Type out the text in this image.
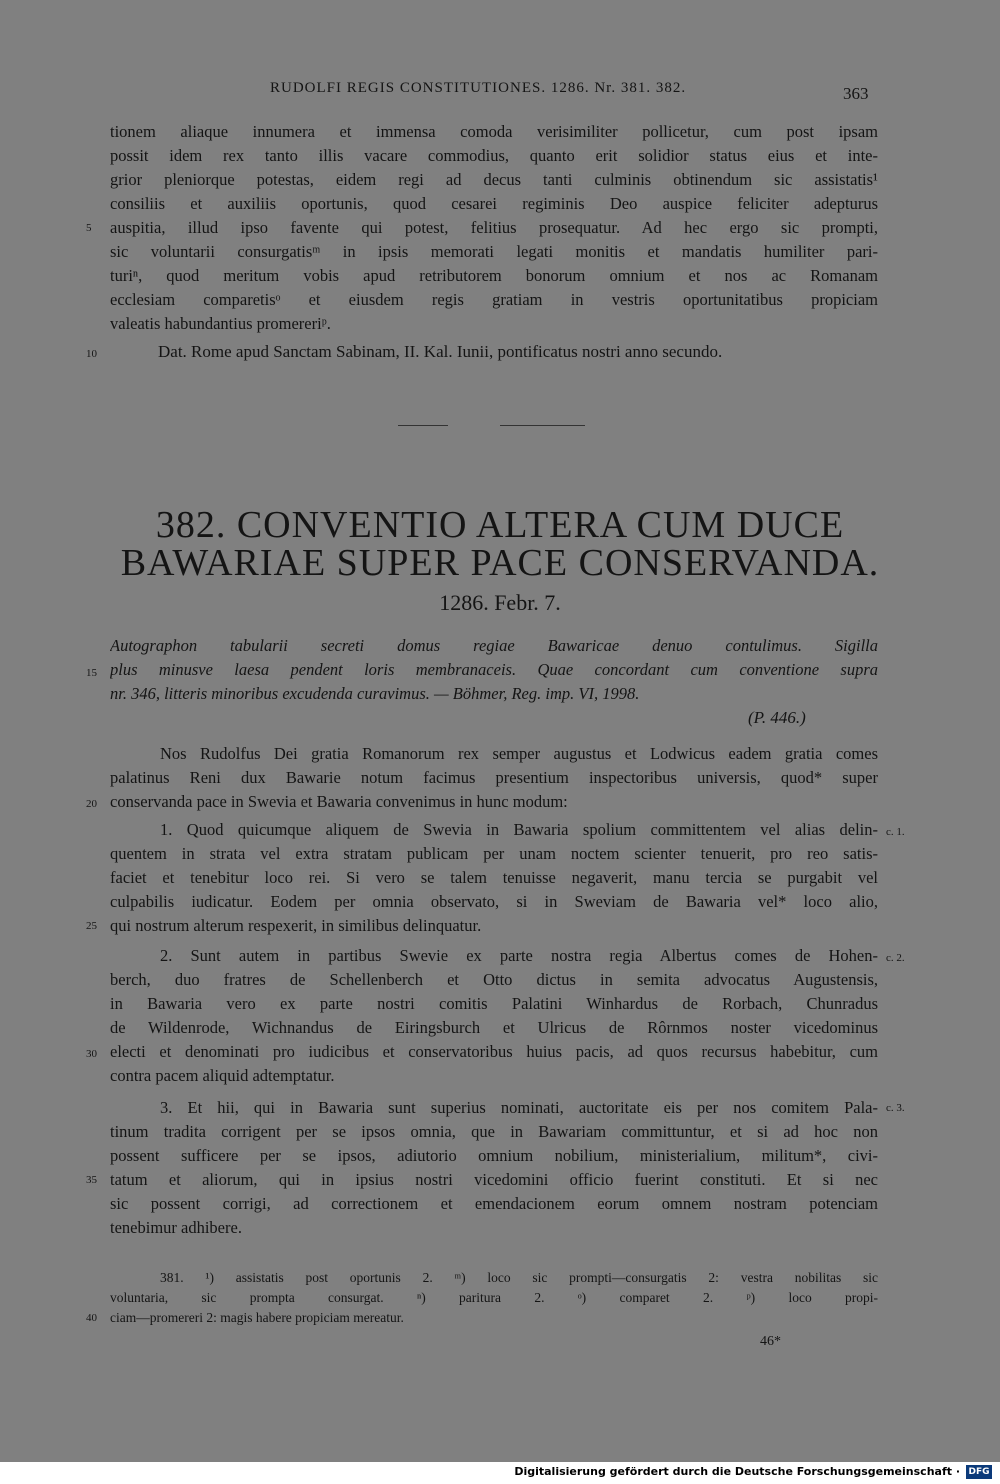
RUDOLFI REGIS CONSTITUTIONES. 1286. Nr. 381. 382.	363
tionem aliaque innumera et immensa comoda verisimiliter pollicetur, cum post ipsam
possit idem rex tanto illis vacare commodius, quanto erit solidior status eius et inte-
grior pleniorque potestas, eidem regi ad decus tanti culminis obtinendum sic assistatis¹
consiliis et auxiliis oportunis, quod cesarei regiminis Deo auspice feliciter adepturus
auspitia, illud ipso favente qui potest, felitius prosequatur. Ad hec ergo sic prompti,
sic voluntarii consurgatisᵐ in ipsis memorati legati monitis et mandatis humiliter pari-
turiⁿ, quod meritum vobis apud retributorem bonorum omnium et nos ac Romanam
ecclesiam comparetisᵒ et eiusdem regis gratiam in vestris oportunitatibus propiciam
valeatis habundantius promereriᵖ.
5
Dat. Rome apud Sanctam Sabinam, II. Kal. Iunii, pontificatus nostri anno secundo.
10
382. CONVENTIO ALTERA CUM DUCE
BAWARIAE SUPER PACE CONSERVANDA.
1286. Febr. 7.
Autographon tabularii secreti domus regiae Bawaricae denuo contulimus. Sigilla
plus minusve laesa pendent loris membranaceis. Quae concordant cum conventione supra
nr. 346, litteris minoribus excudenda curavimus. — Böhmer, Reg. imp. VI, 1998.
(P. 446.)
15
Nos Rudolfus Dei gratia Romanorum rex semper augustus et Lodwicus eadem gratia comes
palatinus Reni dux Bawarie notum facimus presentium inspectoribus universis, quod* super
conservanda pace in Swevia et Bawaria convenimus in hunc modum:
20
1. Quod quicumque aliquem de Swevia in Bawaria spolium committentem vel alias delin-
quentem in strata vel extra stratam publicam per unam noctem scienter tenuerit, pro reo satis-
faciet et tenebitur loco rei. Si vero se talem tenuisse negaverit, manu tercia se purgabit vel
culpabilis iudicatur. Eodem per omnia observato, si in Sweviam de Bawaria vel* loco alio,
qui nostrum alterum respexerit, in similibus delinquatur.
c. 1.
25
2. Sunt autem in partibus Swevie ex parte nostra regia Albertus comes de Hohen-
berch, duo fratres de Schellenberch et Otto dictus in semita advocatus Augustensis,
in Bawaria vero ex parte nostri comitis Palatini Winhardus de Rorbach, Chunradus
de Wildenrode, Wichnandus de Eiringsburch et Ulricus de Rôrnmos noster vicedominus
electi et denominati pro iudicibus et conservatoribus huius pacis, ad quos recursus habebitur, cum
contra pacem aliquid adtemptatur.
c. 2.
30
3. Et hii, qui in Bawaria sunt superius nominati, auctoritate eis per nos comitem Pala-
tinum tradita corrigent per se ipsos omnia, que in Bawariam committuntur, et si ad hoc non
possent sufficere per se ipsos, adiutorio omnium nobilium, ministerialium, militum*, civi-
tatum et aliorum, qui in ipsius nostri vicedomini officio fuerint constituti. Et si nec
sic possent corrigi, ad correctionem et emendacionem eorum omnem nostram potenciam
tenebimur adhibere.
c. 3.
35
381. ¹) assistatis post oportunis 2. ᵐ) loco sic prompti—consurgatis 2: vestra nobilitas sic
voluntaria, sic prompta consurgat. ⁿ) paritura 2. ᵒ) comparet 2. ᵖ) loco propi-
ciam—promereri 2: magis habere propiciam mereatur.
40
46*
Digitalisierung gefördert durch die Deutsche Forschungsgemeinschaft · DFG
